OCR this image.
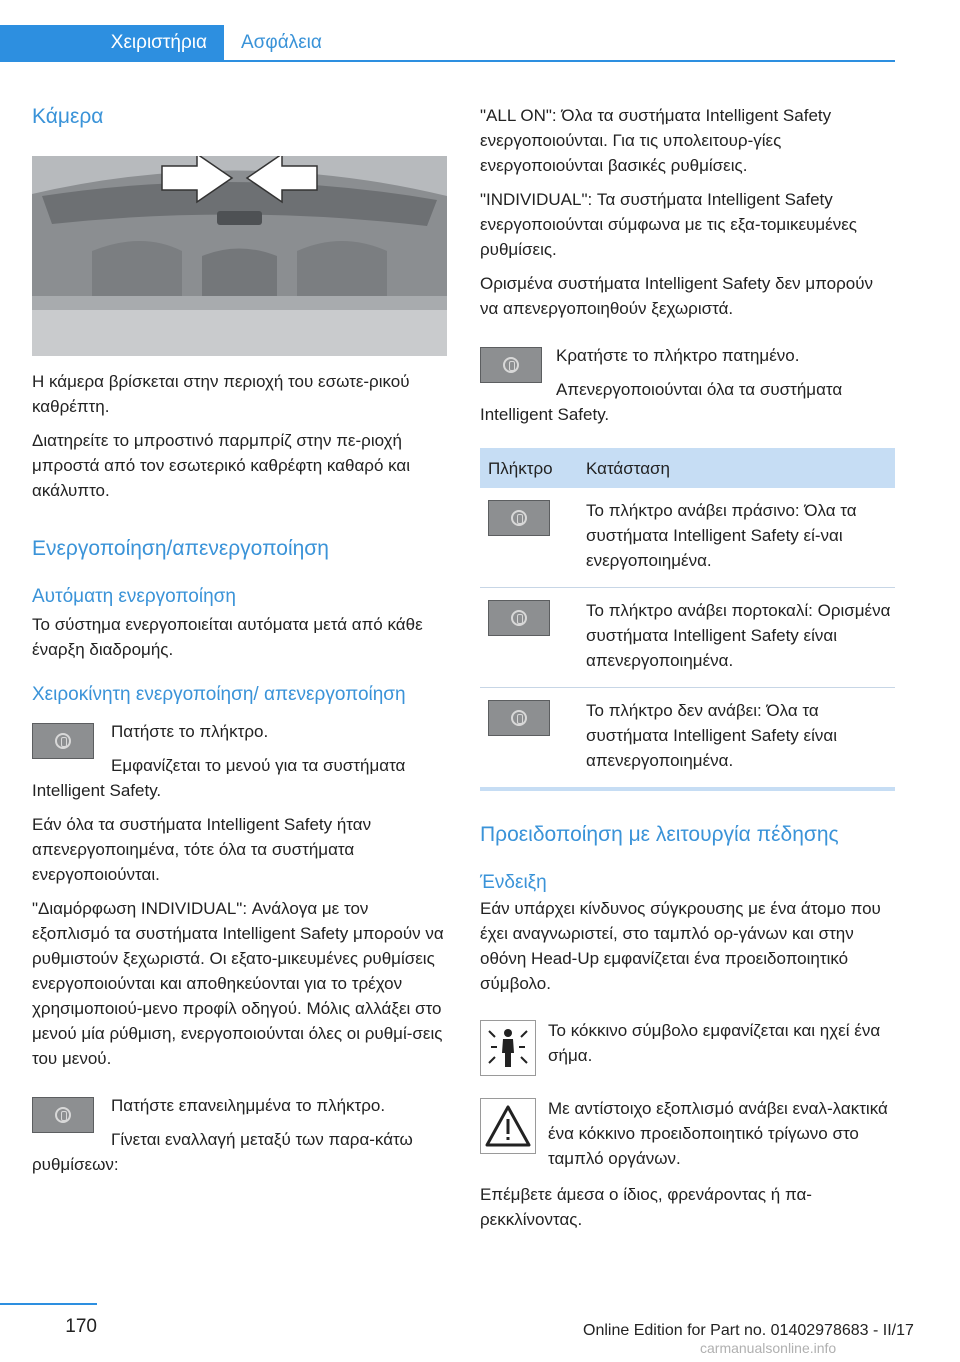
Χειριστήρια	Ασφάλεια
Κάμερα

Η κάμερα βρίσκεται στην περιοχή του εσωτε-ρικού καθρέπτη.

Διατηρείτε το μπροστινό παρμπρίζ στην πε-ριοχή μπροστά από τον εσωτερικό καθρέφτη καθαρό και ακάλυπτο.

Ενεργοποίηση/απενεργοποίηση
Αυτόματη ενεργοποίηση

Το σύστημα ενεργοποιείται αυτόματα μετά από κάθε έναρξη διαδρομής.

Χειροκίνητη ενεργοποίηση/ απενεργοποίηση

Πατήστε το πλήκτρο.

Εμφανίζεται το μενού για τα συστήματα Intelligent Safety.

Εάν όλα τα συστήματα Intelligent Safety ήταν απενεργοποιημένα, τότε όλα τα συστήματα ενεργοποιούνται.

"Διαμόρφωση INDIVIDUAL": Ανάλογα με τον εξοπλισμό τα συστήματα Intelligent Safety μπορούν να ρυθμιστούν ξεχωριστά. Οι εξατο-μικευμένες ρυθμίσεις ενεργοποιούνται και αποθηκεύονται για το τρέχον χρησιμοποιού-μενο προφίλ οδηγού. Μόλις αλλάξει στο μενού μία ρύθμιση, ενεργοποιούνται όλες οι ρυθμί-σεις του μενού.

Πατήστε επανειλημμένα το πλήκτρο.

Γίνεται εναλλαγή μεταξύ των παρα-κάτω ρυθμίσεων:

"ALL ON": Όλα τα συστήματα Intelligent Safety ενεργοποιούνται. Για τις υπολειτουρ-γίες ενεργοποιούνται βασικές ρυθμίσεις.

"INDIVIDUAL": Τα συστήματα Intelligent Safety ενεργοποιούνται σύμφωνα με τις εξα-τομικευμένες ρυθμίσεις.

Ορισμένα συστήματα Intelligent Safety δεν μπορούν να απενεργοποιηθούν ξεχωριστά.

Κρατήστε το πλήκτρο πατημένο.

Απενεργοποιούνται όλα τα συστήματα Intelligent Safety.

Πλήκτρο	Κατάσταση

	Το πλήκτρο ανάβει πράσινο: Όλα τα συστήματα Intelligent Safety εί-ναι ενεργοποιημένα.

	Το πλήκτρο ανάβει πορτοκαλί: Ορισμένα συστήματα Intelligent Safety είναι απενεργοποιημένα.

	Το πλήκτρο δεν ανάβει: Όλα τα συστήματα Intelligent Safety είναι απενεργοποιημένα.
Προειδοποίηση με λειτουργία πέδησης
Ένδειξη

Εάν υπάρχει κίνδυνος σύγκρουσης με ένα άτομο που έχει αναγνωριστεί, στο ταμπλό ορ-γάνων και στην οθόνη Head-Up εμφανίζεται ένα προειδοποιητικό σύμβολο.

Το κόκκινο σύμβολο εμφανίζεται και ηχεί ένα σήμα.

Με αντίστοιχο εξοπλισμό ανάβει εναλ-λακτικά ένα κόκκινο προειδοποιητικό τρίγωνο στο ταμπλό οργάνων.

Επέμβετε άμεσα ο ίδιος, φρενάροντας ή πα-ρεκκλίνοντας.

170	Online Edition for Part no. 01402978683 - II/17
carmanualsonline.info
